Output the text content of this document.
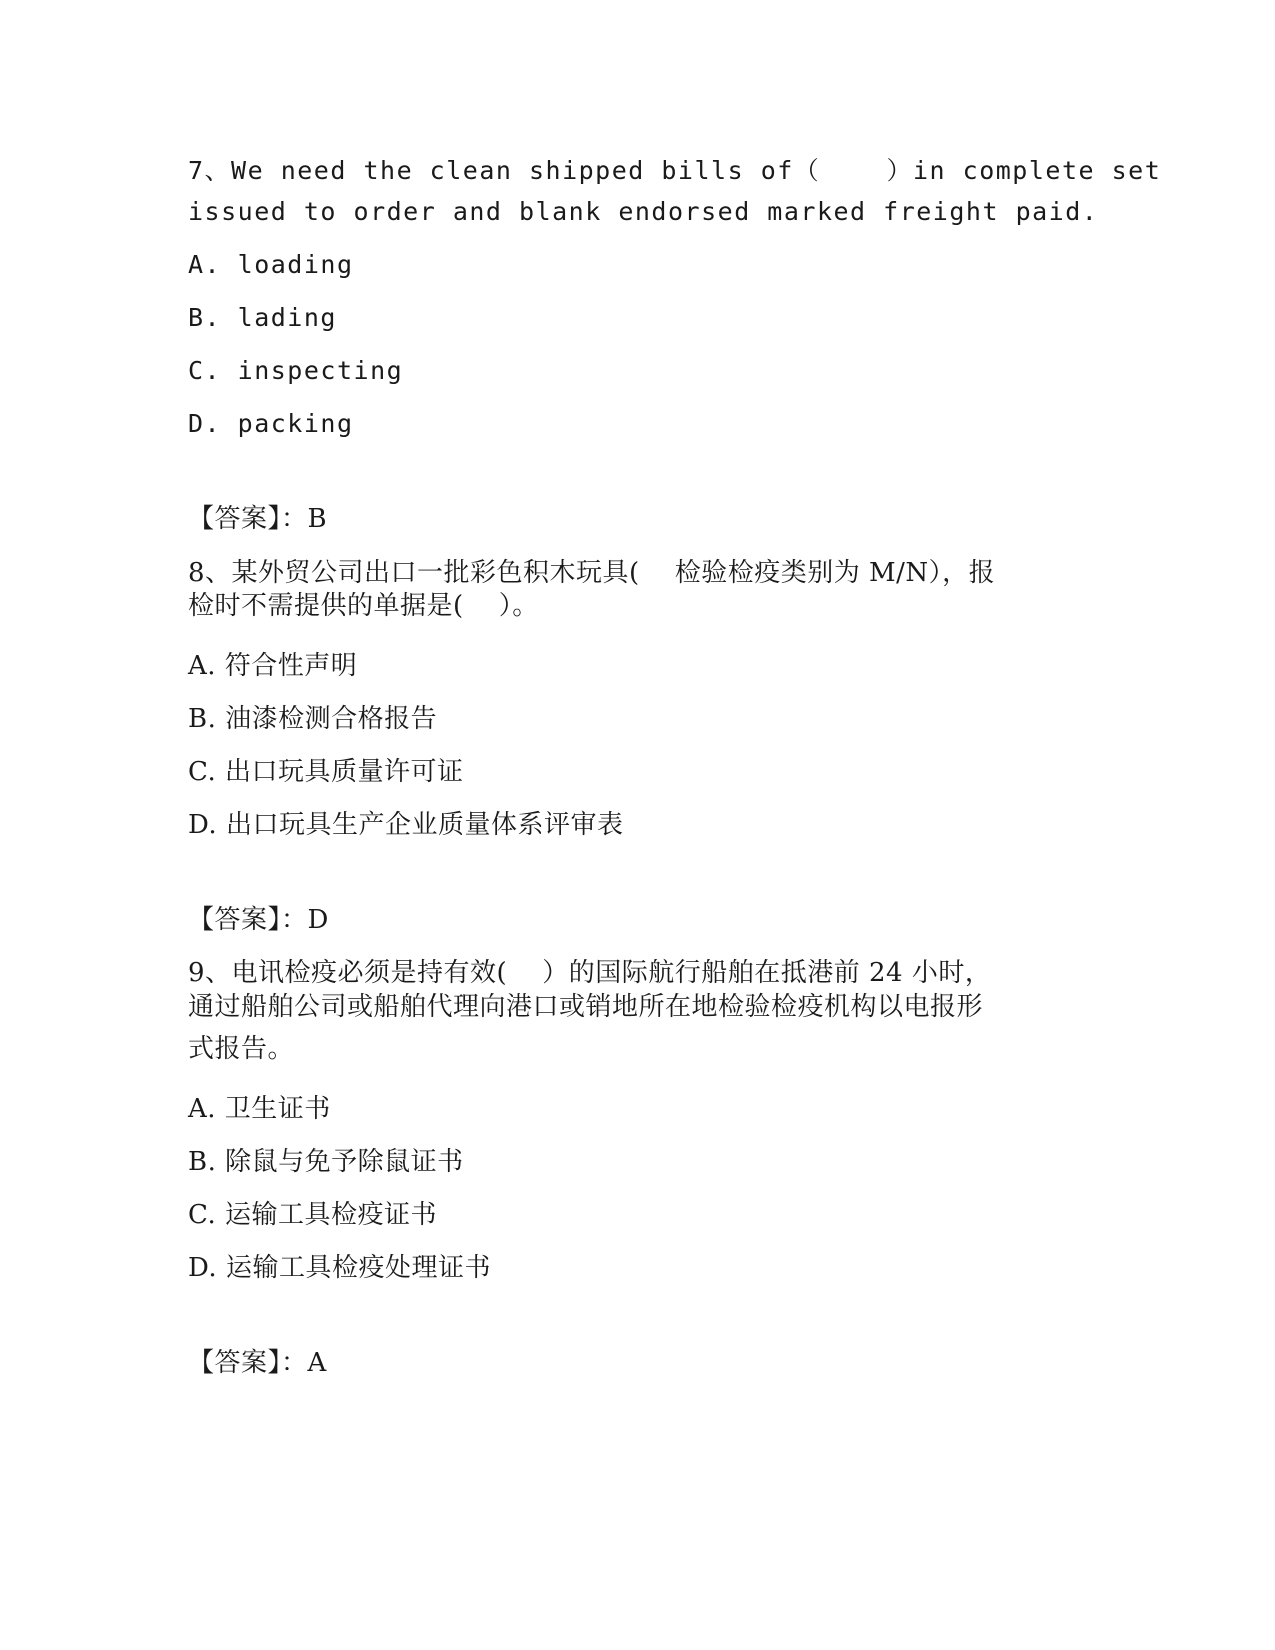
7、We need the clean shipped bills of（    ）in complete set
issued to order and blank endorsed marked freight paid.
A. loading
B. lading
C. inspecting
D. packing
【答案】：B
8、某外贸公司出口一批彩色积木玩具(    检验检疫类别为 M/N），报
检时不需提供的单据是(    ）。
A. 符合性声明
B. 油漆检测合格报告
C. 出口玩具质量许可证
D. 出口玩具生产企业质量体系评审表
【答案】：D
9、电讯检疫必须是持有效(    ）的国际航行船舶在抵港前 24 小时，
通过船舶公司或船舶代理向港口或销地所在地检验检疫机构以电报形
式报告。
A. 卫生证书
B. 除鼠与免予除鼠证书
C. 运输工具检疫证书
D. 运输工具检疫处理证书
【答案】：A
